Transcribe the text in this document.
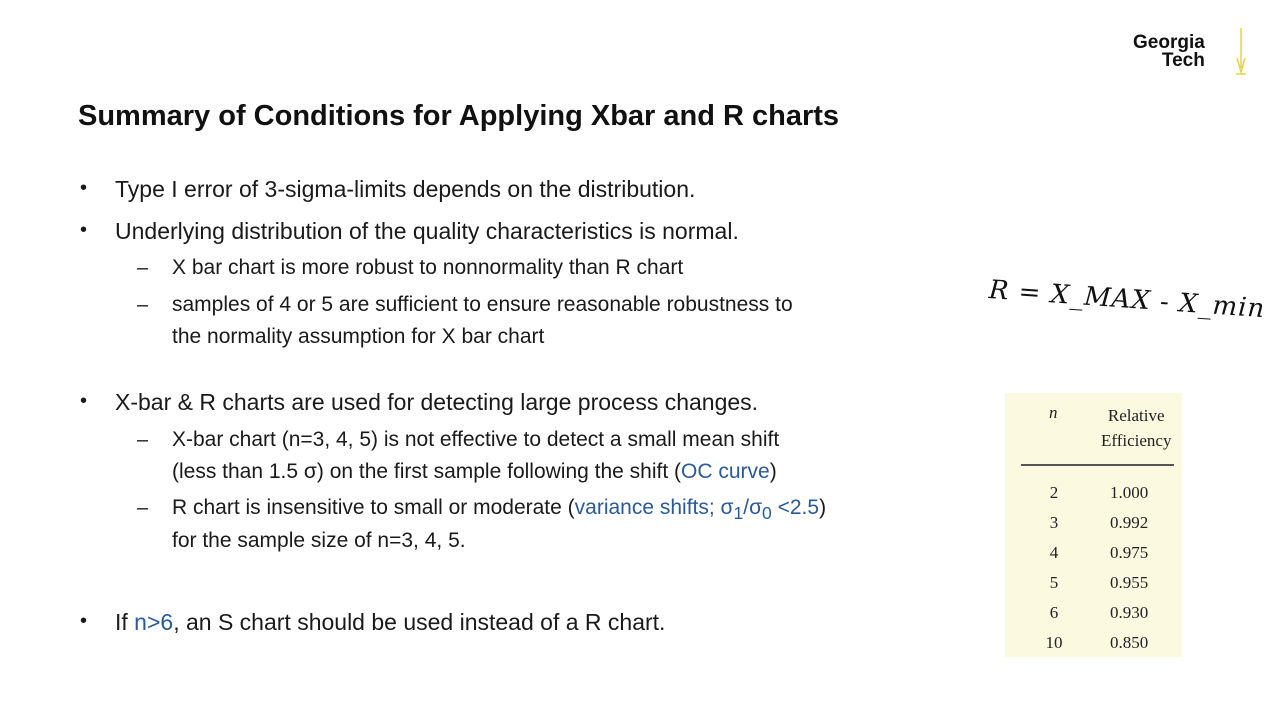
Georgia
Tech
Summary of Conditions for Applying Xbar and R charts
• Type I error of 3-sigma-limits depends on the distribution.
• Underlying distribution of the quality characteristics is normal.
– X bar chart is more robust to nonnormality than R chart
– samples of 4 or 5 are sufficient to ensure reasonable robustness to
the normality assumption for X bar chart
• X-bar & R charts are used for detecting large process changes.
– X-bar chart (n=3, 4, 5) is not effective to detect a small mean shift
(less than 1.5 σ) on the first sample following the shift (OC curve)
– R chart is insensitive to small or moderate (variance shifts; $\sigma_1/\sigma_0 <2.5$)
for the sample size of n=3, 4, 5.
• If n>6, an S chart should be used instead of a R chart.
n	Relative
Efficiency
2	1.000
3	0.992
4	0.975
5	0.955
6	0.930
10	0.850
R = X_MAX - X_min
